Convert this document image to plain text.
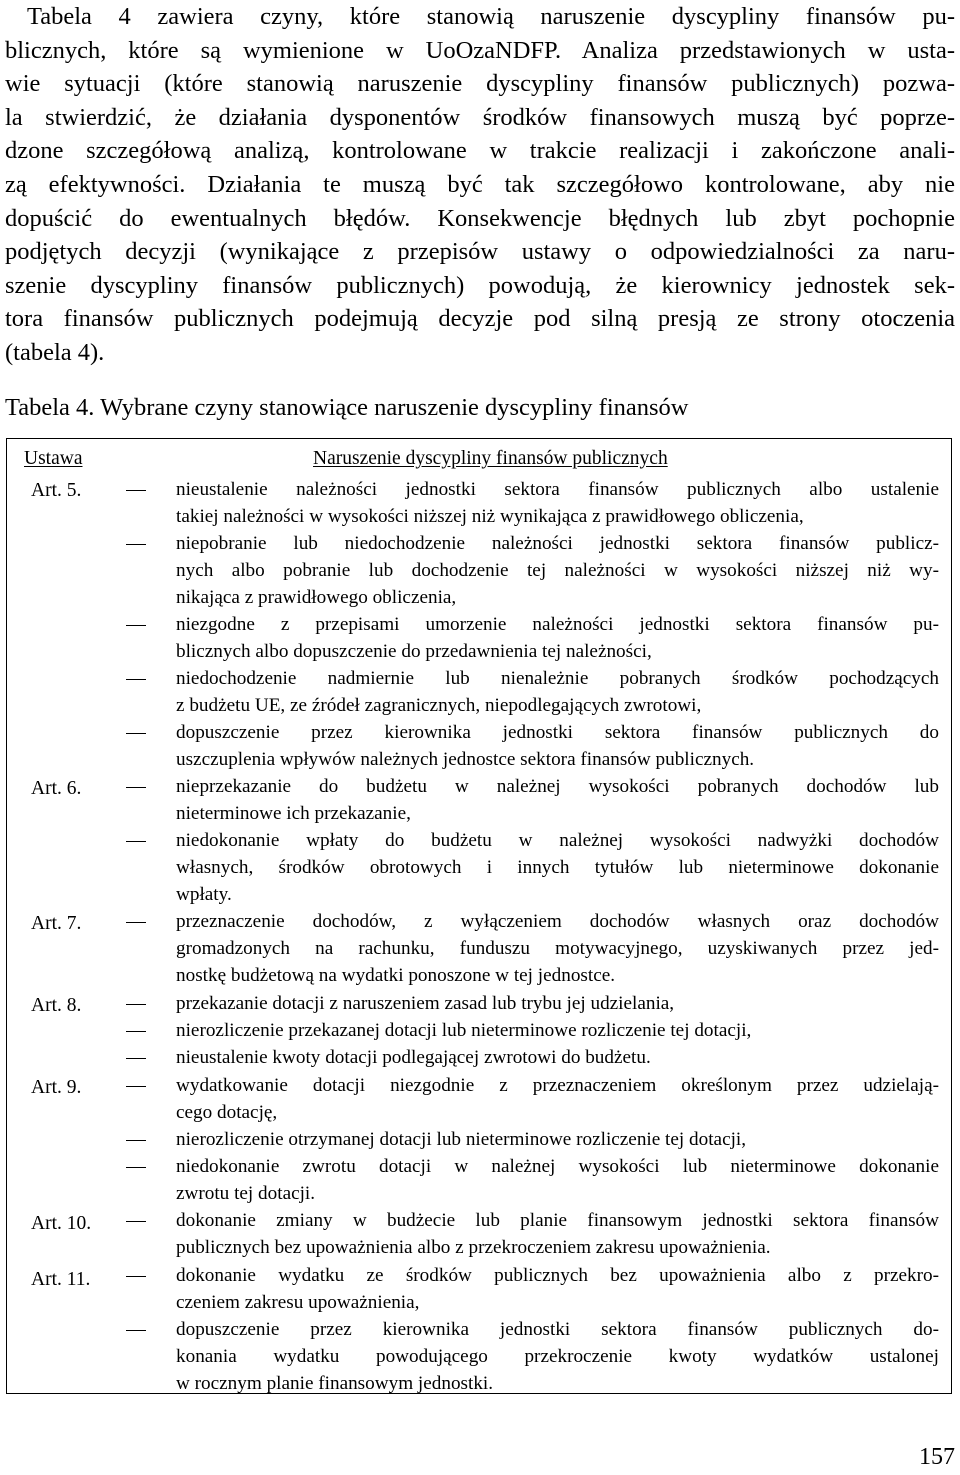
Tabela 4 zawiera czyny, które stanowią naruszenie dyscypliny finansów pu-
blicznych, które są wymienione w UoOzaNDFP. Analiza przedstawionych w usta-
wie sytuacji (które stanowią naruszenie dyscypliny finansów publicznych) pozwa-
la stwierdzić, że działania dysponentów środków finansowych muszą być poprze-
dzone szczegółową analizą, kontrolowane w trakcie realizacji i zakończone anali-
zą efektywności. Działania te muszą być tak szczegółowo kontrolowane, aby nie
dopuścić do ewentualnych błędów. Konsekwencje błędnych lub zbyt pochopnie
podjętych decyzji (wynikające z przepisów ustawy o odpowiedzialności za naru-
szenie dyscypliny finansów publicznych) powodują, że kierownicy jednostek sek-
tora finansów publicznych podejmują decyzje pod silną presją ze strony otoczenia
(tabela 4).
Tabela 4. Wybrane czyny stanowiące naruszenie dyscypliny finansów
Ustawa	Naruszenie dyscypliny finansów publicznych
Art. 5.
Art. 6.
Art. 7.
Art. 8.
Art. 9.
Art. 10.
Art. 11.
nieustalenie należności jednostki sektora finansów publicznych albo ustalenie
takiej należności w wysokości niższej niż wynikająca z prawidłowego obliczenia,
niepobranie lub niedochodzenie należności jednostki sektora finansów publicz-
nych albo pobranie lub dochodzenie tej należności w wysokości niższej niż wy-
nikająca z prawidłowego obliczenia,
niezgodne z przepisami umorzenie należności jednostki sektora finansów pu-
blicznych albo dopuszczenie do przedawnienia tej należności,
niedochodzenie nadmiernie lub nienależnie pobranych środków pochodzących
z budżetu UE, ze źródeł zagranicznych, niepodlegających zwrotowi,
dopuszczenie przez kierownika jednostki sektora finansów publicznych do
uszczuplenia wpływów należnych jednostce sektora finansów publicznych.
nieprzekazanie do budżetu w należnej wysokości pobranych dochodów lub
nieterminowe ich przekazanie,
niedokonanie wpłaty do budżetu w należnej wysokości nadwyżki dochodów
własnych, środków obrotowych i innych tytułów lub nieterminowe dokonanie
wpłaty.
przeznaczenie dochodów, z wyłączeniem dochodów własnych oraz dochodów
gromadzonych na rachunku, funduszu motywacyjnego, uzyskiwanych przez jed-
nostkę budżetową na wydatki ponoszone w tej jednostce.
przekazanie dotacji z naruszeniem zasad lub trybu jej udzielania,
nierozliczenie przekazanej dotacji lub nieterminowe rozliczenie tej dotacji,
nieustalenie kwoty dotacji podlegającej zwrotowi do budżetu.
wydatkowanie dotacji niezgodnie z przeznaczeniem określonym przez udzielają-
cego dotację,
nierozliczenie otrzymanej dotacji lub nieterminowe rozliczenie tej dotacji,
niedokonanie zwrotu dotacji w należnej wysokości lub nieterminowe dokonanie
zwrotu tej dotacji.
dokonanie zmiany w budżecie lub planie finansowym jednostki sektora finansów
publicznych bez upoważnienia albo z przekroczeniem zakresu upoważnienia.
dokonanie wydatku ze środków publicznych bez upoważnienia albo z przekro-
czeniem zakresu upoważnienia,
dopuszczenie przez kierownika jednostki sektora finansów publicznych do-
konania wydatku powodującego przekroczenie kwoty wydatków ustalonej
w rocznym planie finansowym jednostki.
157
